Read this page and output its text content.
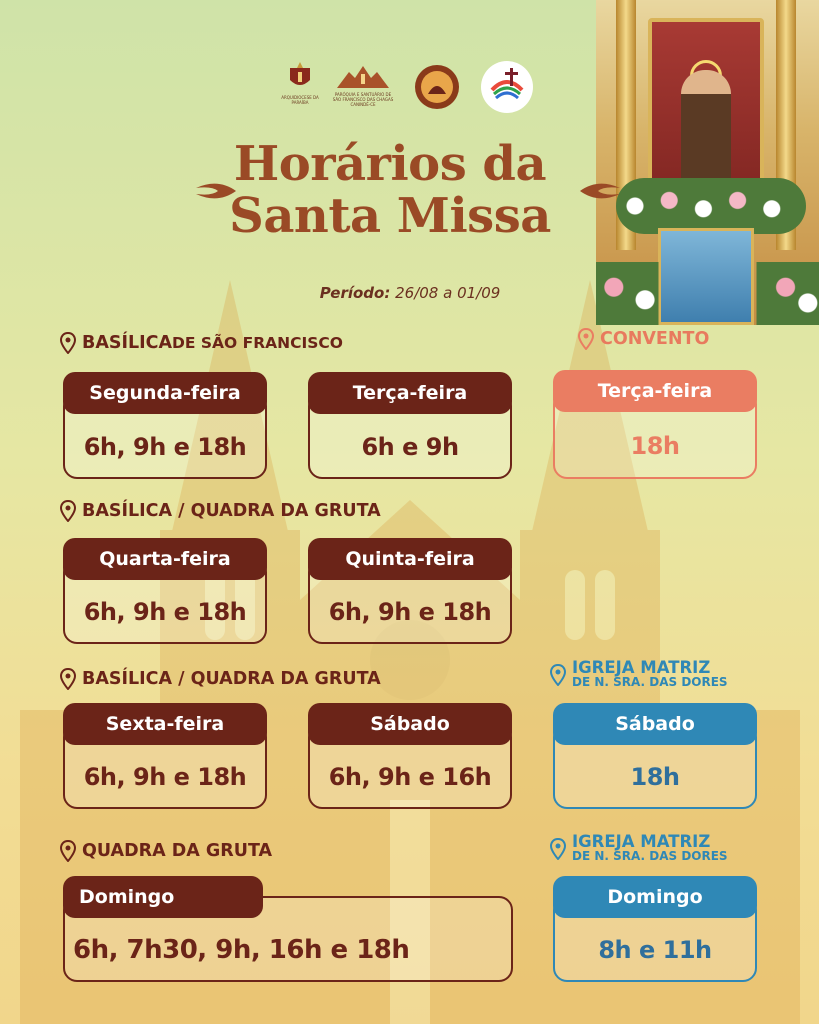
ARQUIDIOCESE DA PARAÍBA
PARÓQUIA E SANTUÁRIO DE SÃO FRANCISCO DAS CHAGAS CANINDÉ-CE
Horários da
Santa Missa
Período: 26/08 a 01/09
BASÍLICA DE SÃO FRANCISCO	CONVENTO
Segunda-feira
6h, 9h e 18h
Terça-feira
6h e 9h
Terça-feira
18h
BASÍLICA / QUADRA DA GRUTA
Quarta-feira
6h, 9h e 18h
Quinta-feira
6h, 9h e 18h
BASÍLICA / QUADRA DA GRUTA
IGREJA MATRIZ
DE N. SRA. DAS DORES
Sexta-feira
6h, 9h e 18h
Sábado
6h, 9h e 16h
Sábado
18h
QUADRA DA GRUTA	IGREJA MATRIZ
DE N. SRA. DAS DORES
Domingo
6h, 7h30, 9h, 16h e 18h
Domingo
8h e 11h
